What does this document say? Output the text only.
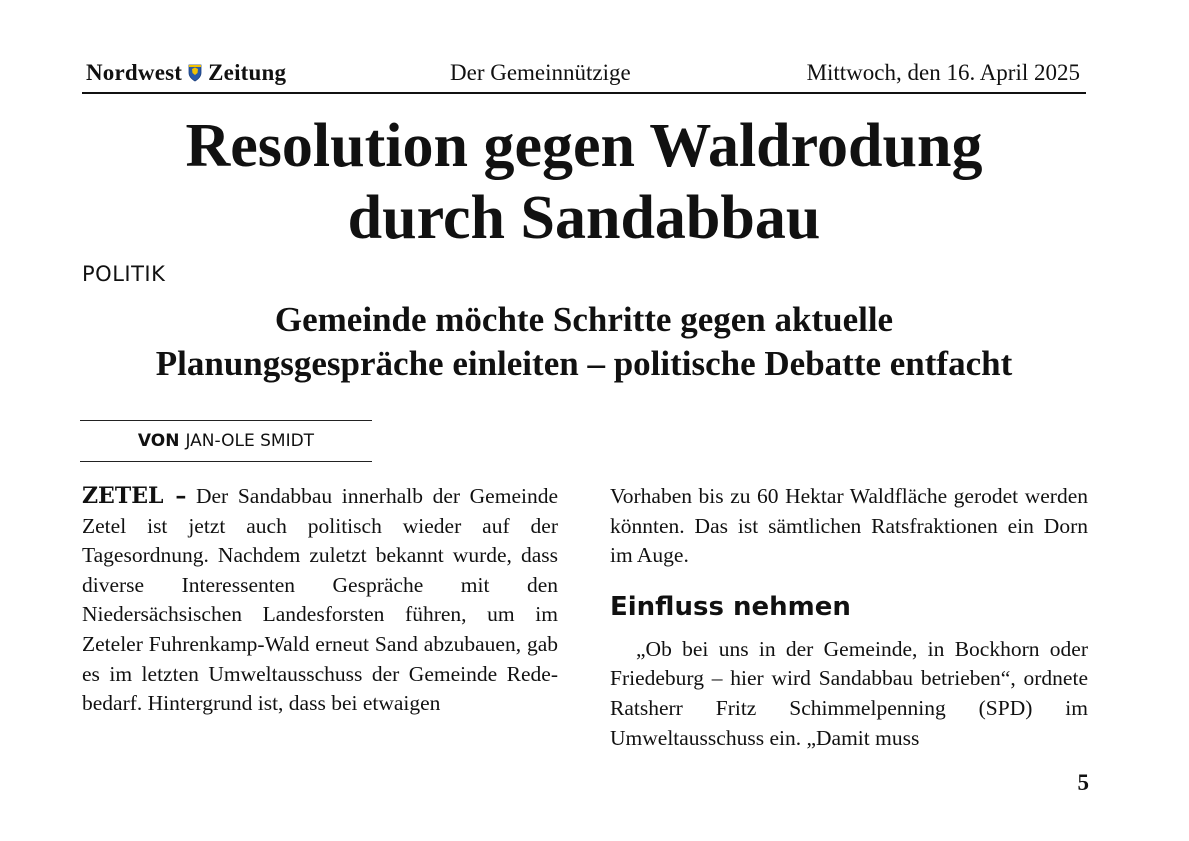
Nordwest Zeitung	Der Gemeinnützige	Mittwoch, den 16. April 2025
Resolution gegen Waldrodung
durch Sandabbau
POLITIK
Gemeinde möchte Schritte gegen aktuelle
Planungsgespräche einleiten – politische Debatte entfacht
VON JAN-OLE SMIDT

ZETEL – Der Sandabbau innerhalb der Gemeinde Zetel ist jetzt auch politisch wieder auf der Tagesordnung. Nachdem zuletzt bekannt wurde, dass diverse Interessenten Gespräche mit den Niedersächsischen Landesforsten führen, um im Zeteler Fuhrenkamp-Wald erneut Sand abzubauen, gab es im letzten Umweltausschuss der Gemeinde Redebedarf. Hintergrund ist, dass bei etwaigen

Vorhaben bis zu 60 Hektar Waldfläche gerodet werden könnten. Das ist sämtlichen Ratsfraktionen ein Dorn im Auge.

Einfluss nehmen

„Ob bei uns in der Gemeinde, in Bockhorn oder Friedeburg – hier wird Sandabbau betrieben“, ordnete Ratsherr Fritz Schimmelpenning (SPD) im Umweltausschuss ein. „Damit muss

5
